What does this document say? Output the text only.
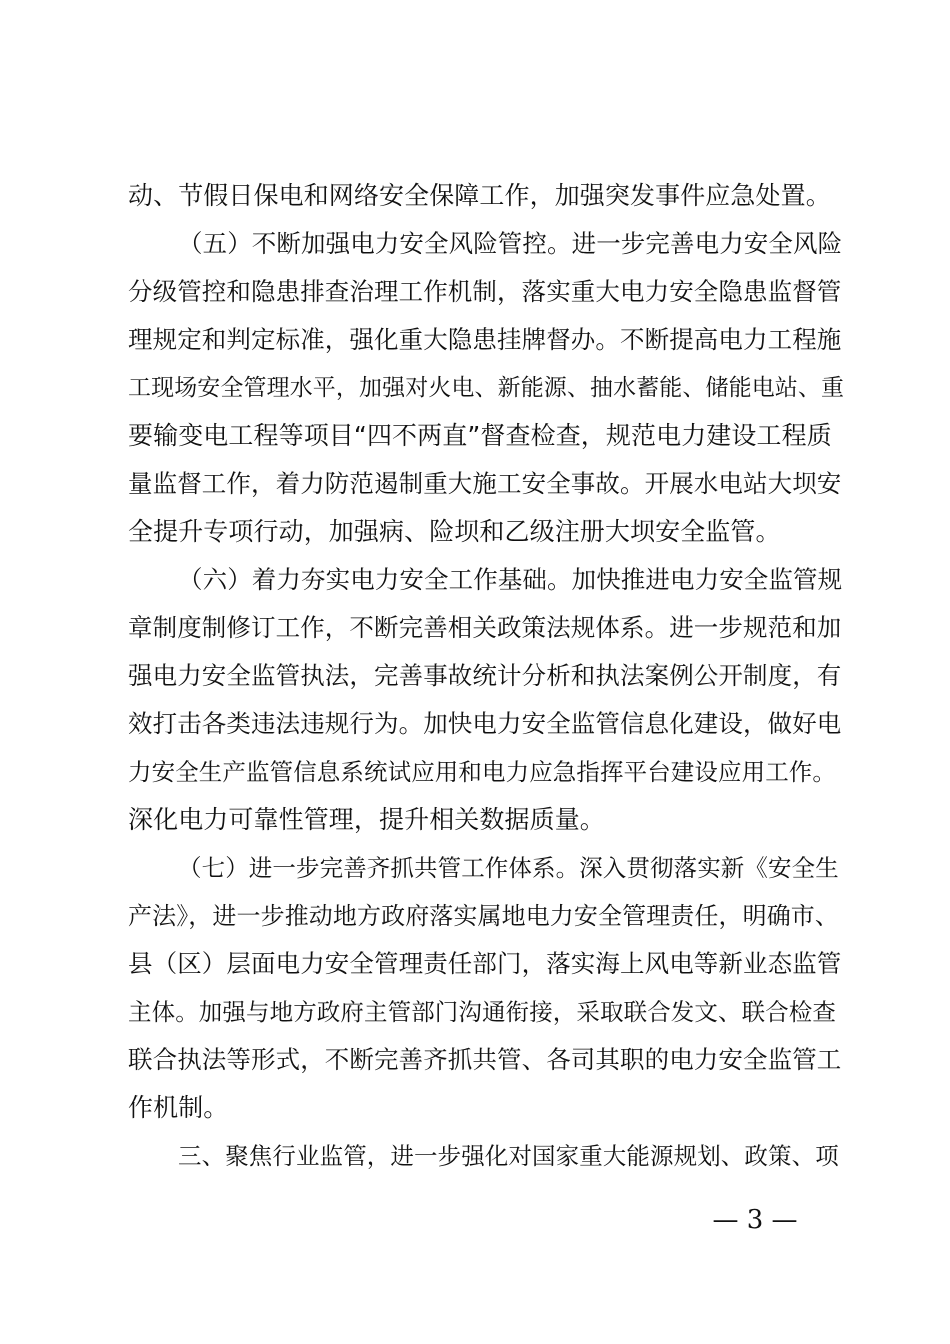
动、节假日保电和网络安全保障工作，加强突发事件应急处置。
（五）不断加强电力安全风险管控。进一步完善电力安全风险
分级管控和隐患排查治理工作机制，落实重大电力安全隐患监督管
理规定和判定标准，强化重大隐患挂牌督办。不断提高电力工程施
工现场安全管理水平，加强对火电、新能源、抽水蓄能、储能电站、重
要输变电工程等项目“四不两直”督查检查，规范电力建设工程质
量监督工作，着力防范遏制重大施工安全事故。开展水电站大坝安
全提升专项行动，加强病、险坝和乙级注册大坝安全监管。
（六）着力夯实电力安全工作基础。加快推进电力安全监管规
章制度制修订工作，不断完善相关政策法规体系。进一步规范和加
强电力安全监管执法，完善事故统计分析和执法案例公开制度，有
效打击各类违法违规行为。加快电力安全监管信息化建设，做好电
力安全生产监管信息系统试应用和电力应急指挥平台建设应用工作。
深化电力可靠性管理，提升相关数据质量。
（七）进一步完善齐抓共管工作体系。深入贯彻落实新《安全生
产法》，进一步推动地方政府落实属地电力安全管理责任，明确市、
县（区）层面电力安全管理责任部门，落实海上风电等新业态监管
主体。加强与地方政府主管部门沟通衔接，采取联合发文、联合检查
联合执法等形式，不断完善齐抓共管、各司其职的电力安全监管工
作机制。
三、聚焦行业监管，进一步强化对国家重大能源规划、政策、项
— 3 —
